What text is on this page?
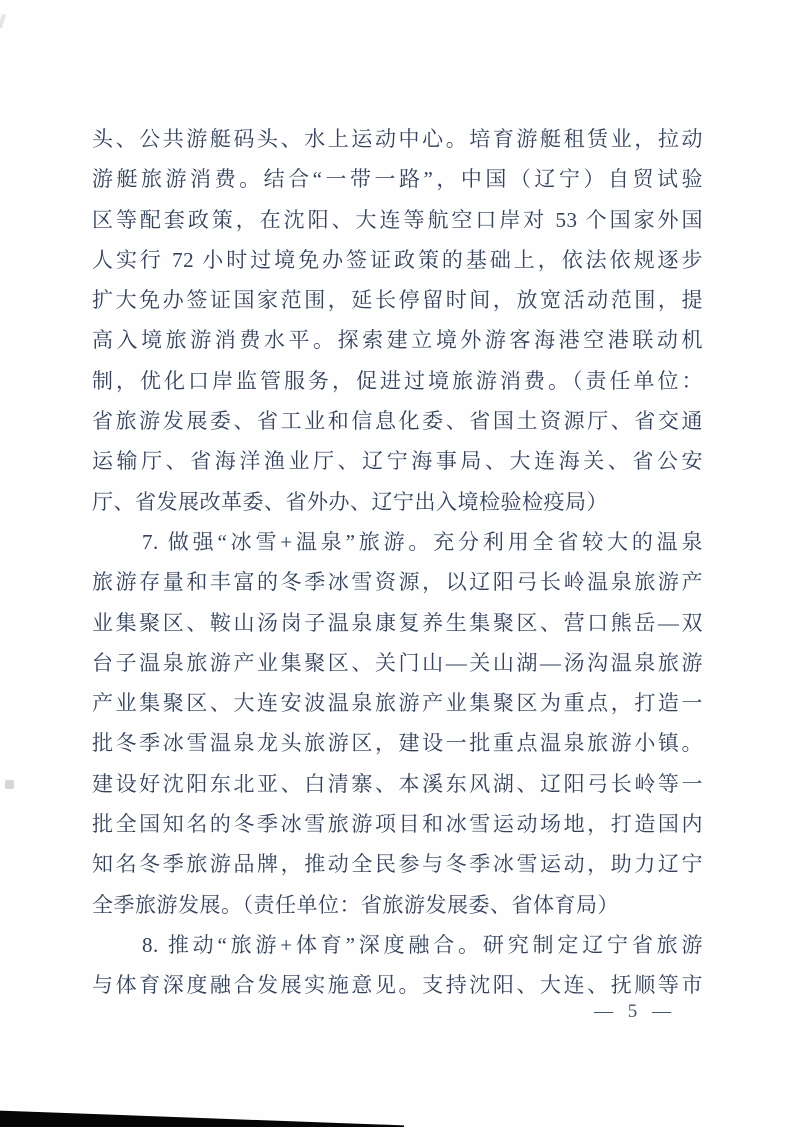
头、公共游艇码头、水上运动中心。培育游艇租赁业，拉动
游艇旅游消费。结合“一带一路”，中国（辽宁）自贸试验
区等配套政策，在沈阳、大连等航空口岸对 53 个国家外国
人实行 72 小时过境免办签证政策的基础上，依法依规逐步
扩大免办签证国家范围，延长停留时间，放宽活动范围，提
高入境旅游消费水平。探索建立境外游客海港空港联动机
制，优化口岸监管服务，促进过境旅游消费。（责任单位：
省旅游发展委、省工业和信息化委、省国土资源厅、省交通
运输厅、省海洋渔业厅、辽宁海事局、大连海关、省公安
厅、省发展改革委、省外办、辽宁出入境检验检疫局）
7. 做强“冰雪+温泉”旅游。充分利用全省较大的温泉
旅游存量和丰富的冬季冰雪资源，以辽阳弓长岭温泉旅游产
业集聚区、鞍山汤岗子温泉康复养生集聚区、营口熊岳—双
台子温泉旅游产业集聚区、关门山—关山湖—汤沟温泉旅游
产业集聚区、大连安波温泉旅游产业集聚区为重点，打造一
批冬季冰雪温泉龙头旅游区，建设一批重点温泉旅游小镇。
建设好沈阳东北亚、白清寨、本溪东风湖、辽阳弓长岭等一
批全国知名的冬季冰雪旅游项目和冰雪运动场地，打造国内
知名冬季旅游品牌，推动全民参与冬季冰雪运动，助力辽宁
全季旅游发展。（责任单位：省旅游发展委、省体育局）
8. 推动“旅游+体育”深度融合。研究制定辽宁省旅游
与体育深度融合发展实施意见。支持沈阳、大连、抚顺等市
— 5 —
